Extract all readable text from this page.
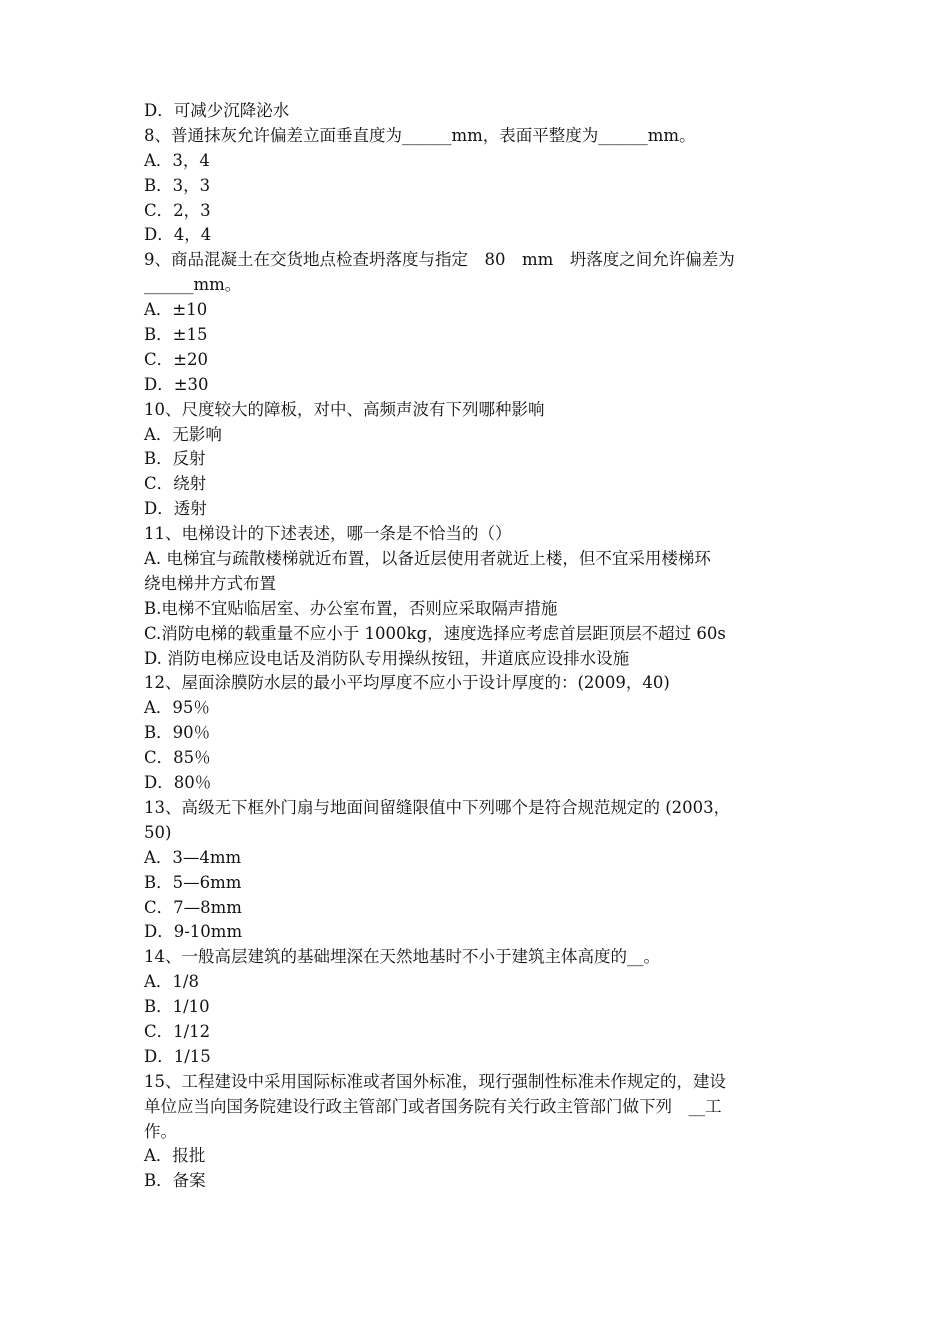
D．可减少沉降泌水
8、普通抹灰允许偏差立面垂直度为______mm，表面平整度为______mm。
A．3，4
B．3，3
C．2，3
D．4，4
9、商品混凝土在交货地点检查坍落度与指定　80　mm　坍落度之间允许偏差为
______mm。
A．±10
B．±15
C．±20
D．±30
10、尺度较大的障板，对中、高频声波有下列哪种影响
A．无影响
B．反射
C．绕射
D．透射
11、电梯设计的下述表述，哪一条是不恰当的（）
A. 电梯宜与疏散楼梯就近布置，以备近层使用者就近上楼，但不宜采用楼梯环
绕电梯井方式布置
B.电梯不宜贴临居室、办公室布置，否则应采取隔声措施
C.消防电梯的载重量不应小于 1000kg，速度选择应考虑首层距顶层不超过 60s
D. 消防电梯应设电话及消防队专用操纵按钮，井道底应设排水设施
12、屋面涂膜防水层的最小平均厚度不应小于设计厚度的：(2009，40)
A．95％
B．90％
C．85％
D．80％
13、高级无下框外门扇与地面间留缝限值中下列哪个是符合规范规定的 (2003，
50)
A．3—4mm
B．5—6mm
C．7—8mm
D．9-10mm
14、一般高层建筑的基础埋深在天然地基时不小于建筑主体高度的__。
A．1/8
B．1/10
C．1/12
D．1/15
15、工程建设中采用国际标准或者国外标准，现行强制性标准未作规定的，建设
单位应当向国务院建设行政主管部门或者国务院有关行政主管部门做下列　__工
作。
A．报批
B．备案
